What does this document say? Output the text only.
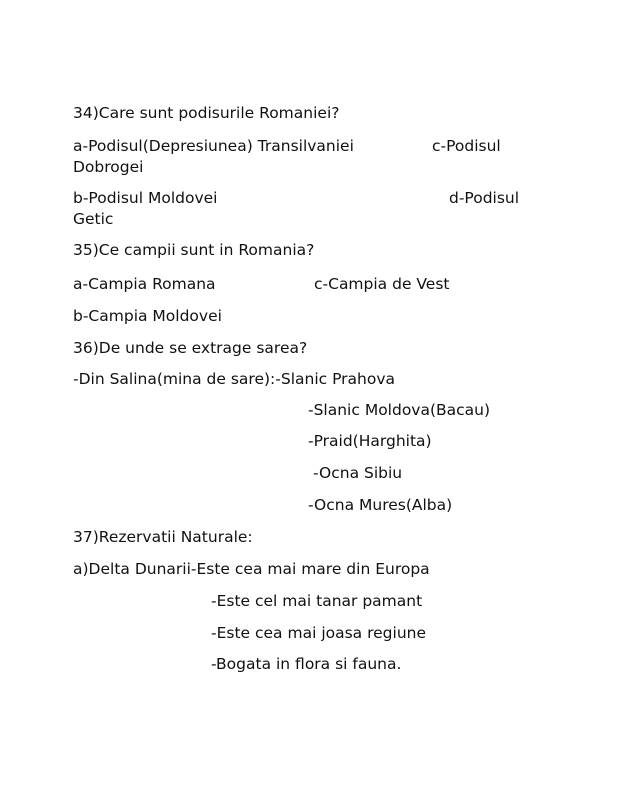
34)Care sunt podisurile Romaniei?
a-Podisul(Depresiunea) Transilvaniei	c-Podisul
Dobrogei
b-Podisul Moldovei	d-Podisul
Getic
35)Ce campii sunt in Romania?
a-Campia Romana	c-Campia de Vest
b-Campia Moldovei
36)De unde se extrage sarea?
-Din Salina(mina de sare):-Slanic Prahova
-Slanic Moldova(Bacau)
-Praid(Harghita)
-Ocna Sibiu
-Ocna Mures(Alba)
37)Rezervatii Naturale:
a)Delta Dunarii-Este cea mai mare din Europa
-Este cel mai tanar pamant
-Este cea mai joasa regiune
-Bogata in flora si fauna.
